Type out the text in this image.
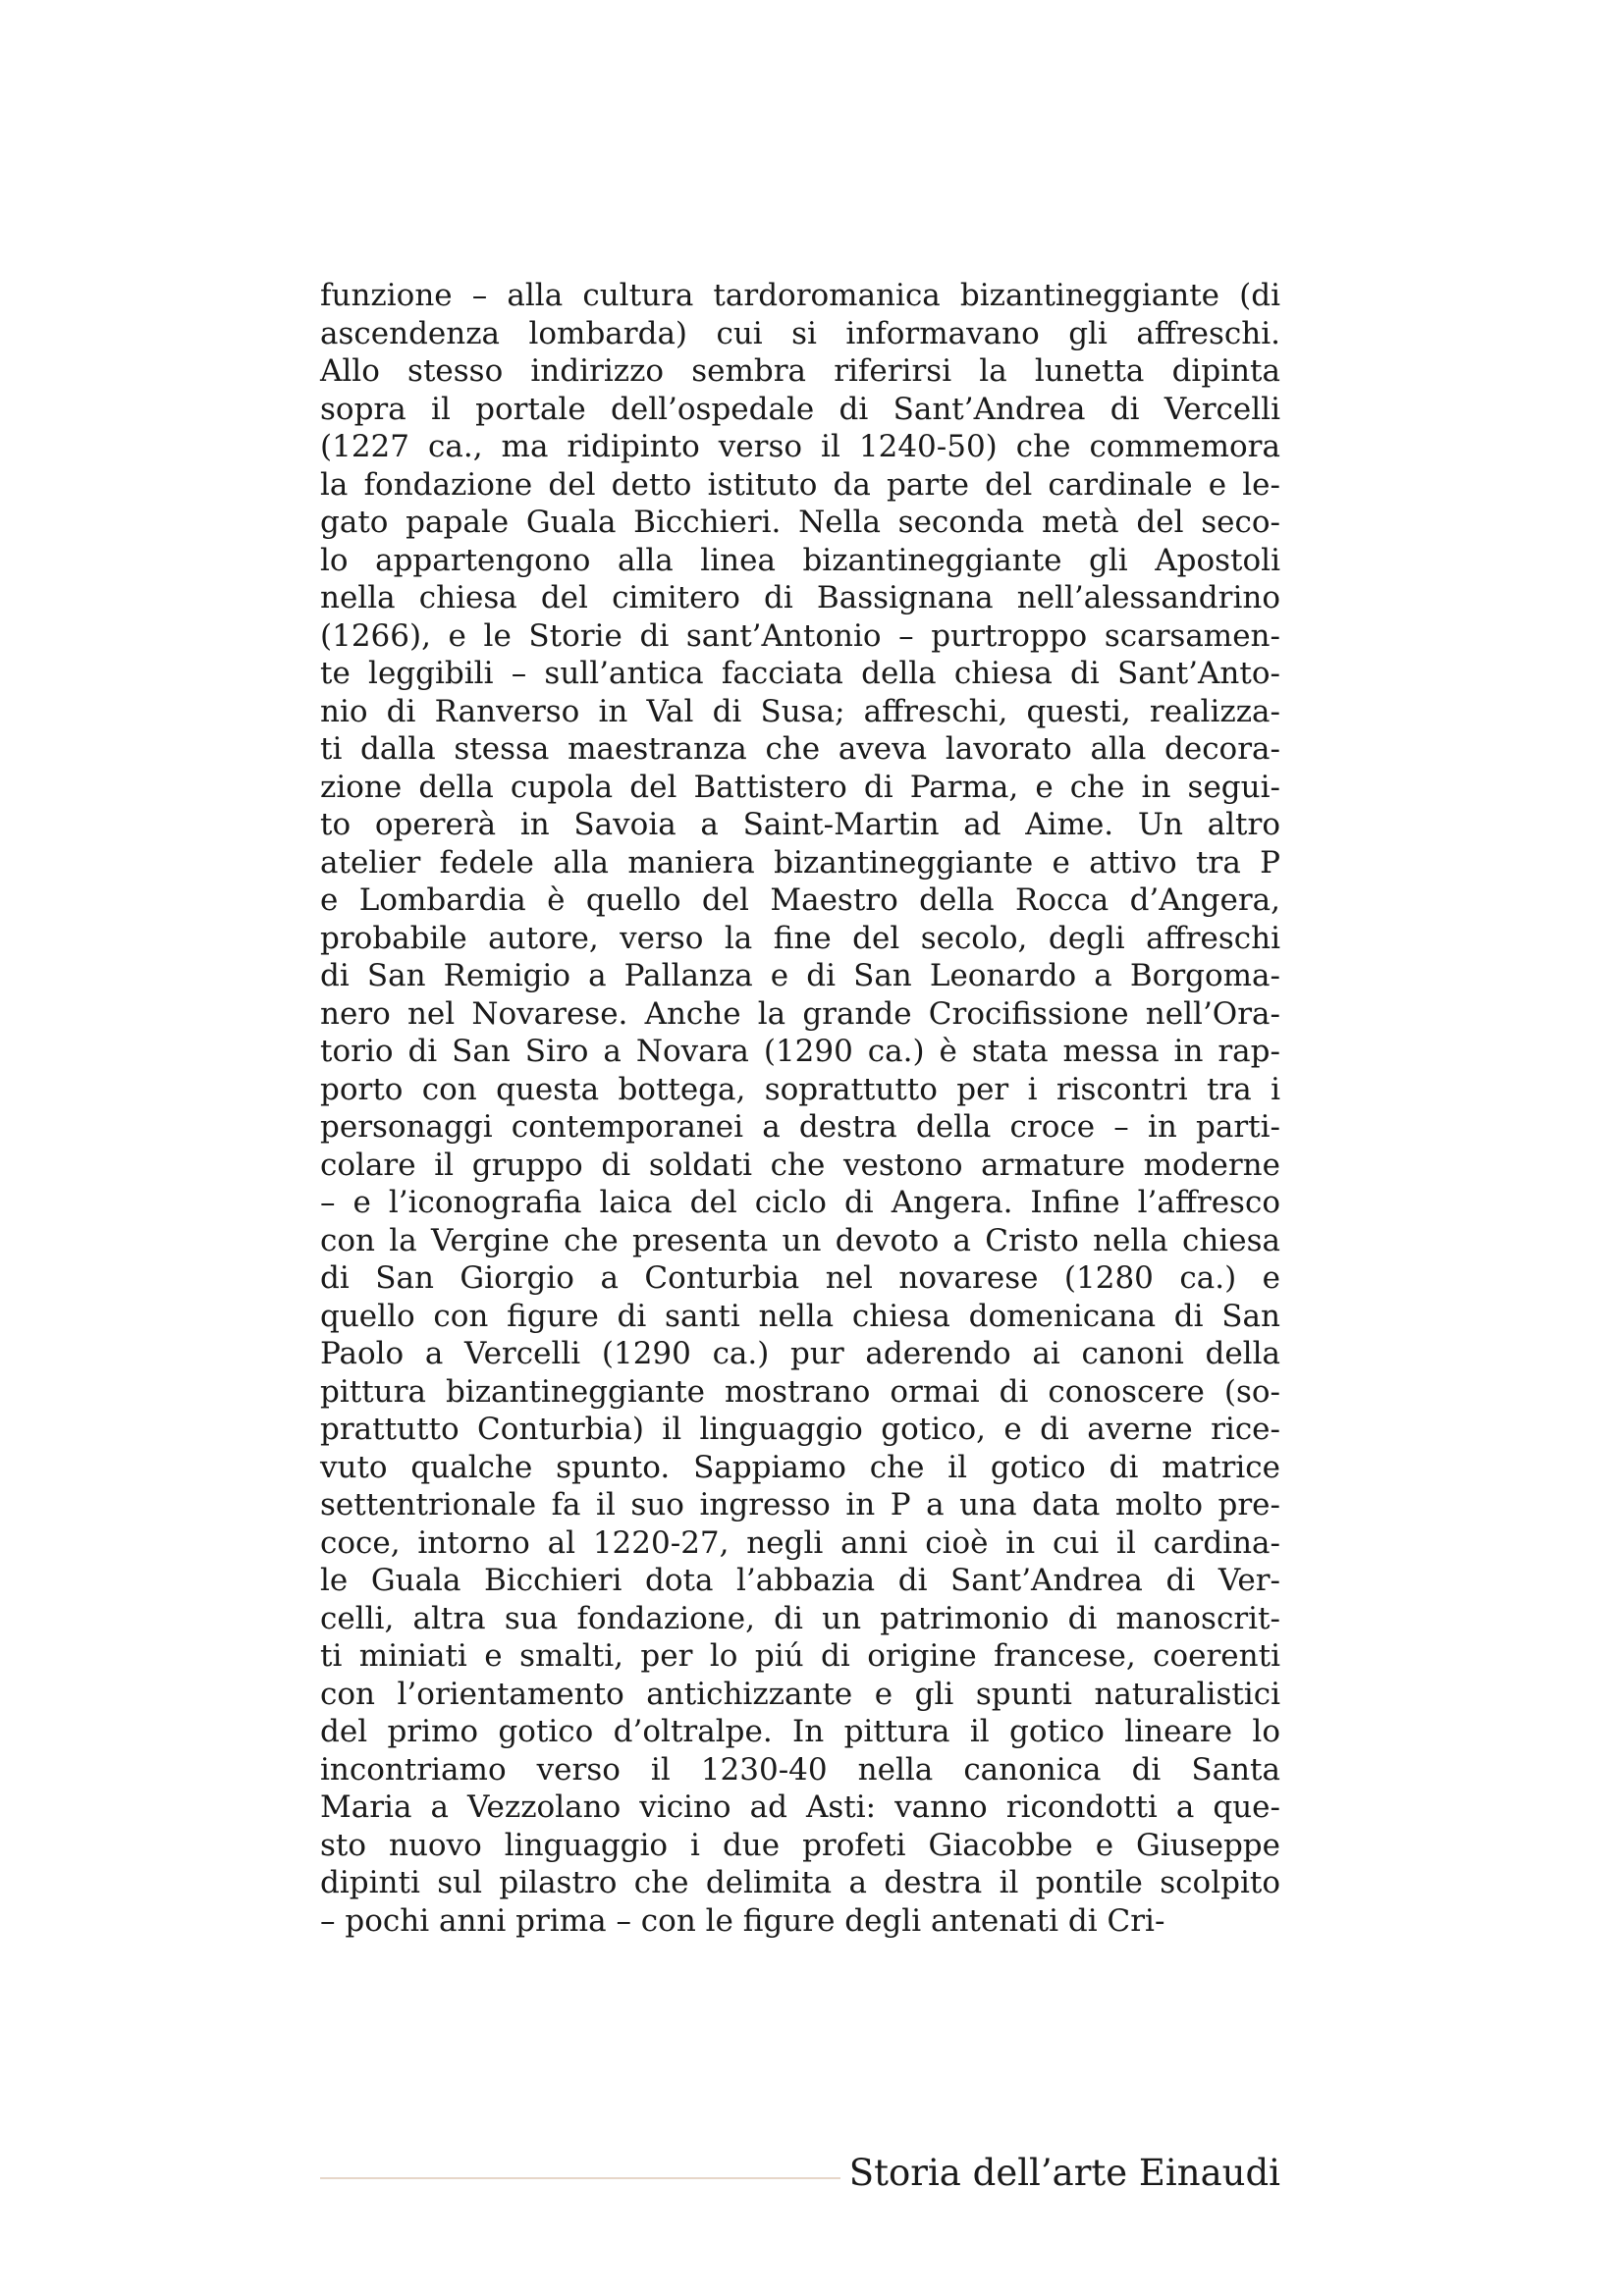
funzione – alla cultura tardoromanica bizantineggiante (di
ascendenza lombarda) cui si informavano gli affreschi.
Allo stesso indirizzo sembra riferirsi la lunetta dipinta
sopra il portale dell’ospedale di Sant’Andrea di Vercelli
(1227 ca., ma ridipinto verso il 1240-50) che commemora
la fondazione del detto istituto da parte del cardinale e le-
gato papale Guala Bicchieri. Nella seconda metà del seco-
lo appartengono alla linea bizantineggiante gli Apostoli
nella chiesa del cimitero di Bassignana nell’alessandrino
(1266), e le Storie di sant’Antonio – purtroppo scarsamen-
te leggibili – sull’antica facciata della chiesa di Sant’Anto-
nio di Ranverso in Val di Susa; affreschi, questi, realizza-
ti dalla stessa maestranza che aveva lavorato alla decora-
zione della cupola del Battistero di Parma, e che in segui-
to opererà in Savoia a Saint-Martin ad Aime. Un altro
atelier fedele alla maniera bizantineggiante e attivo tra P
e Lombardia è quello del Maestro della Rocca d’Angera,
probabile autore, verso la fine del secolo, degli affreschi
di San Remigio a Pallanza e di San Leonardo a Borgoma-
nero nel Novarese. Anche la grande Crocifissione nell’Ora-
torio di San Siro a Novara (1290 ca.) è stata messa in rap-
porto con questa bottega, soprattutto per i riscontri tra i
personaggi contemporanei a destra della croce – in parti-
colare il gruppo di soldati che vestono armature moderne
– e l’iconografia laica del ciclo di Angera. Infine l’affresco
con la Vergine che presenta un devoto a Cristo nella chiesa
di San Giorgio a Conturbia nel novarese (1280 ca.) e
quello con figure di santi nella chiesa domenicana di San
Paolo a Vercelli (1290 ca.) pur aderendo ai canoni della
pittura bizantineggiante mostrano ormai di conoscere (so-
prattutto Conturbia) il linguaggio gotico, e di averne rice-
vuto qualche spunto. Sappiamo che il gotico di matrice
settentrionale fa il suo ingresso in P a una data molto pre-
coce, intorno al 1220-27, negli anni cioè in cui il cardina-
le Guala Bicchieri dota l’abbazia di Sant’Andrea di Ver-
celli, altra sua fondazione, di un patrimonio di manoscrit-
ti miniati e smalti, per lo piú di origine francese, coerenti
con l’orientamento antichizzante e gli spunti naturalistici
del primo gotico d’oltralpe. In pittura il gotico lineare lo
incontriamo verso il 1230-40 nella canonica di Santa
Maria a Vezzolano vicino ad Asti: vanno ricondotti a que-
sto nuovo linguaggio i due profeti Giacobbe e Giuseppe
dipinti sul pilastro che delimita a destra il pontile scolpito
– pochi anni prima – con le figure degli antenati di Cri-
Storia dell’arte Einaudi
